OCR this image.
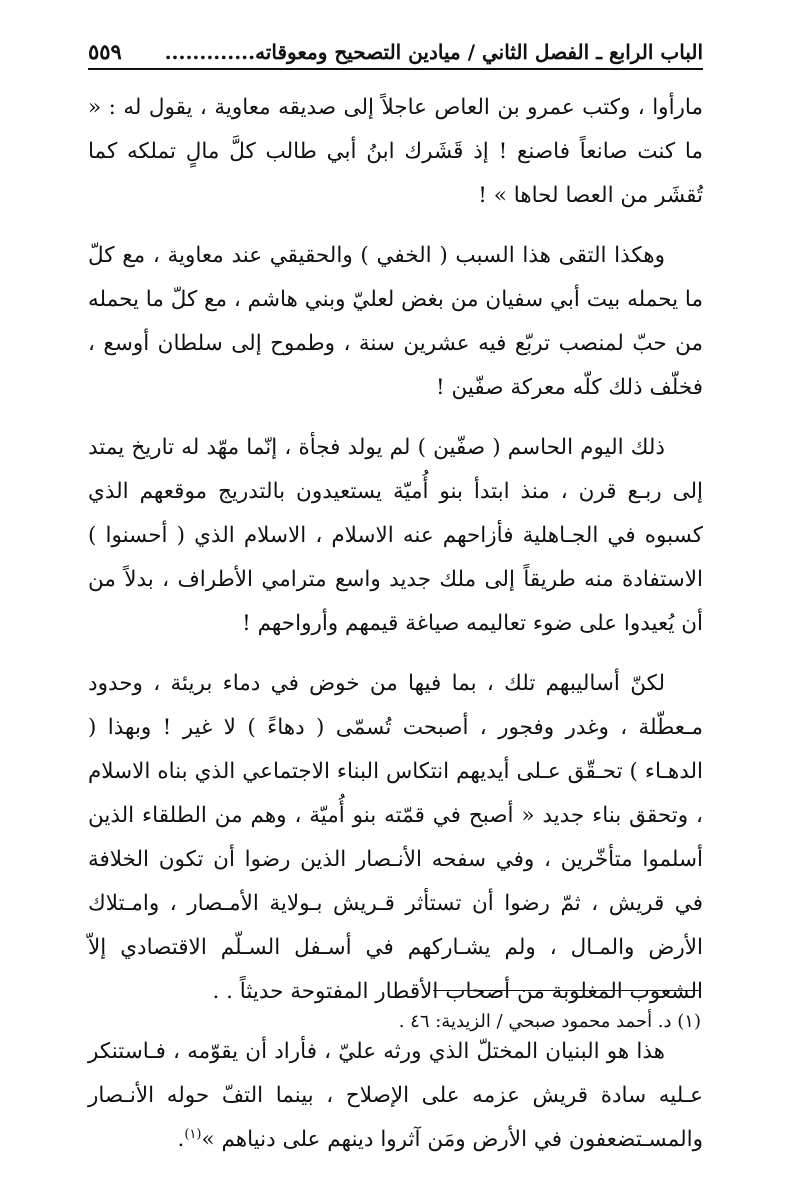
الباب الرابع ـ الفصل الثاني / ميادين التصحيح ومعوقاته.............
٥٥٩

مارأوا ، وكتب عمرو بن العاص عاجلاً إلى صديقه معاوية ، يقول له : « ما كنت صانعاً فاصنع ! إذ قَشَرك ابنُ أبي طالب كلَّ مالٍ تملكه كما تُقشَر من العصا لحاها » !

وهكذا التقى هذا السبب ( الخفي ) والحقيقي عند معاوية ، مع كلّ ما يحمله بيت أبي سفيان من بغض لعليّ وبني هاشم ، مع كلّ ما يحمله من حبّ لمنصب تربّع فيه عشرين سنة ، وطموح إلى سلطان أوسع ، فخلّف ذلك كلّه معركة صفّين !

ذلك اليوم الحاسم ( صفّين ) لم يولد فجأة ، إنّما مهّد له تاريخ يمتد إلى ربـع قرن ، منذ ابتدأ بنو أُميّة يستعيدون بالتدريج موقعهم الذي كسبوه في الجـاهلية فأزاحهم عنه الاسلام ، الاسلام الذي ( أحسنوا ) الاستفادة منه طريقاً إلى ملك جديد واسع مترامي الأطراف ، بدلاً من أن يُعيدوا على ضوء تعاليمه صياغة قيمهم وأرواحهم !

لكنّ أساليبهم تلك ، بما فيها من خوض في دماء بريئة ، وحدود مـعطّلة ، وغدر وفجور ، أصبحت تُسمّى ( دهاءً ) لا غير ! وبهذا ( الدهـاء ) تحـقّق عـلى أيديهم انتكاس البناء الاجتماعي الذي بناه الاسلام ، وتحقق بناء جديد « أصبح في قمّته بنو أُميّة ، وهم من الطلقاء الذين أسلموا متأخّرين ، وفي سفحه الأنـصار الذين رضوا أن تكون الخلافة في قريش ، ثمّ رضوا أن تستأثر قـريش بـولاية الأمـصار ، وامـتلاك الأرض والمـال ، ولم يشـاركهم في أسـفل السـلّم الاقتصادي إلاّ الشعوب المغلوبة من أصحاب الأقطار المفتوحة حديثاً . .

هذا هو البنيان المختلّ الذي ورثه عليّ ، فأراد أن يقوّمه ، فـاستنكر عـليه سادة قريش عزمه على الإصلاح ، بينما التفّ حوله الأنـصار والمسـتضعفون في الأرض ومَن آثروا دينهم على دنياهم »$^{(١)}$.

(١) د. أحمد محمود صبحي / الزيدية: ٤٦ .
